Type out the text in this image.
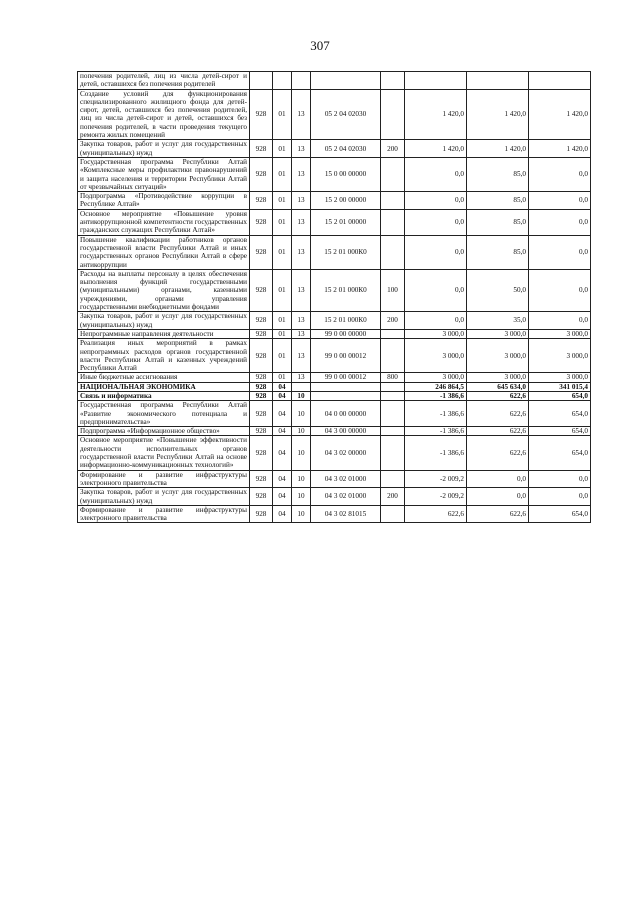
307
попечения родителей, лиц из числа детей-сирот и детей, оставшихся без попечения родителей								
Создание условий для функционирования специализированного жилищного фонда для детей-сирот, детей, оставшихся без попечения родителей, лиц из числа детей-сирот и детей, оставшихся без попечения родителей, в части проведения текущего ремонта жилых помещений	928	01	13	05 2 04 02030		1 420,0	1 420,0	1 420,0
Закупка товаров, работ и услуг для государственных (муниципальных) нужд	928	01	13	05 2 04 02030	200	1 420,0	1 420,0	1 420,0
Государственная программа Республики Алтай «Комплексные меры профилактики правонарушений и защита населения и территории Республики Алтай от чрезвычайных ситуаций»	928	01	13	15 0 00 00000		0,0	85,0	0,0
Подпрограмма «Противодействие коррупции в Республике Алтай»	928	01	13	15 2 00 00000		0,0	85,0	0,0
Основное мероприятие «Повышение уровня антикоррупционной компетентности государственных гражданских служащих Республики Алтай»	928	01	13	15 2 01 00000		0,0	85,0	0,0
Повышение квалификации работников органов государственной власти Республики Алтай и иных государственных органов Республики Алтай в сфере антикоррупции	928	01	13	15 2 01 000К0		0,0	85,0	0,0
Расходы на выплаты персоналу в целях обеспечения выполнения функций государственными (муниципальными) органами, казенными учреждениями, органами управления государственными внебюджетными фондами	928	01	13	15 2 01 000К0	100	0,0	50,0	0,0
Закупка товаров, работ и услуг для государственных (муниципальных) нужд	928	01	13	15 2 01 000К0	200	0,0	35,0	0,0
Непрограммные направления деятельности	928	01	13	99 0 00 00000		3 000,0	3 000,0	3 000,0
Реализация иных мероприятий в рамках непрограммных расходов органов государственной власти Республики Алтай и казенных учреждений Республики Алтай	928	01	13	99 0 00 00012		3 000,0	3 000,0	3 000,0
Иные бюджетные ассигнования	928	01	13	99 0 00 00012	800	3 000,0	3 000,0	3 000,0
НАЦИОНАЛЬНАЯ ЭКОНОМИКА	928	04				246 864,5	645 634,0	341 015,4
Связь и информатика	928	04	10			-1 386,6	622,6	654,0
Государственная программа Республики Алтай «Развитие экономического потенциала и предпринимательства»	928	04	10	04 0 00 00000		-1 386,6	622,6	654,0
Подпрограмма «Информационное общество»	928	04	10	04 3 00 00000		-1 386,6	622,6	654,0
Основное мероприятие «Повышение эффективности деятельности исполнительных органов государственной власти Республики Алтай на основе информационно-коммуникационных технологий»	928	04	10	04 3 02 00000		-1 386,6	622,6	654,0
Формирование и развитие инфраструктуры электронного правительства	928	04	10	04 3 02 01000		-2 009,2	0,0	0,0
Закупка товаров, работ и услуг для государственных (муниципальных) нужд	928	04	10	04 3 02 01000	200	-2 009,2	0,0	0,0
Формирование и развитие инфраструктуры электронного правительства	928	04	10	04 3 02 81015		622,6	622,6	654,0
